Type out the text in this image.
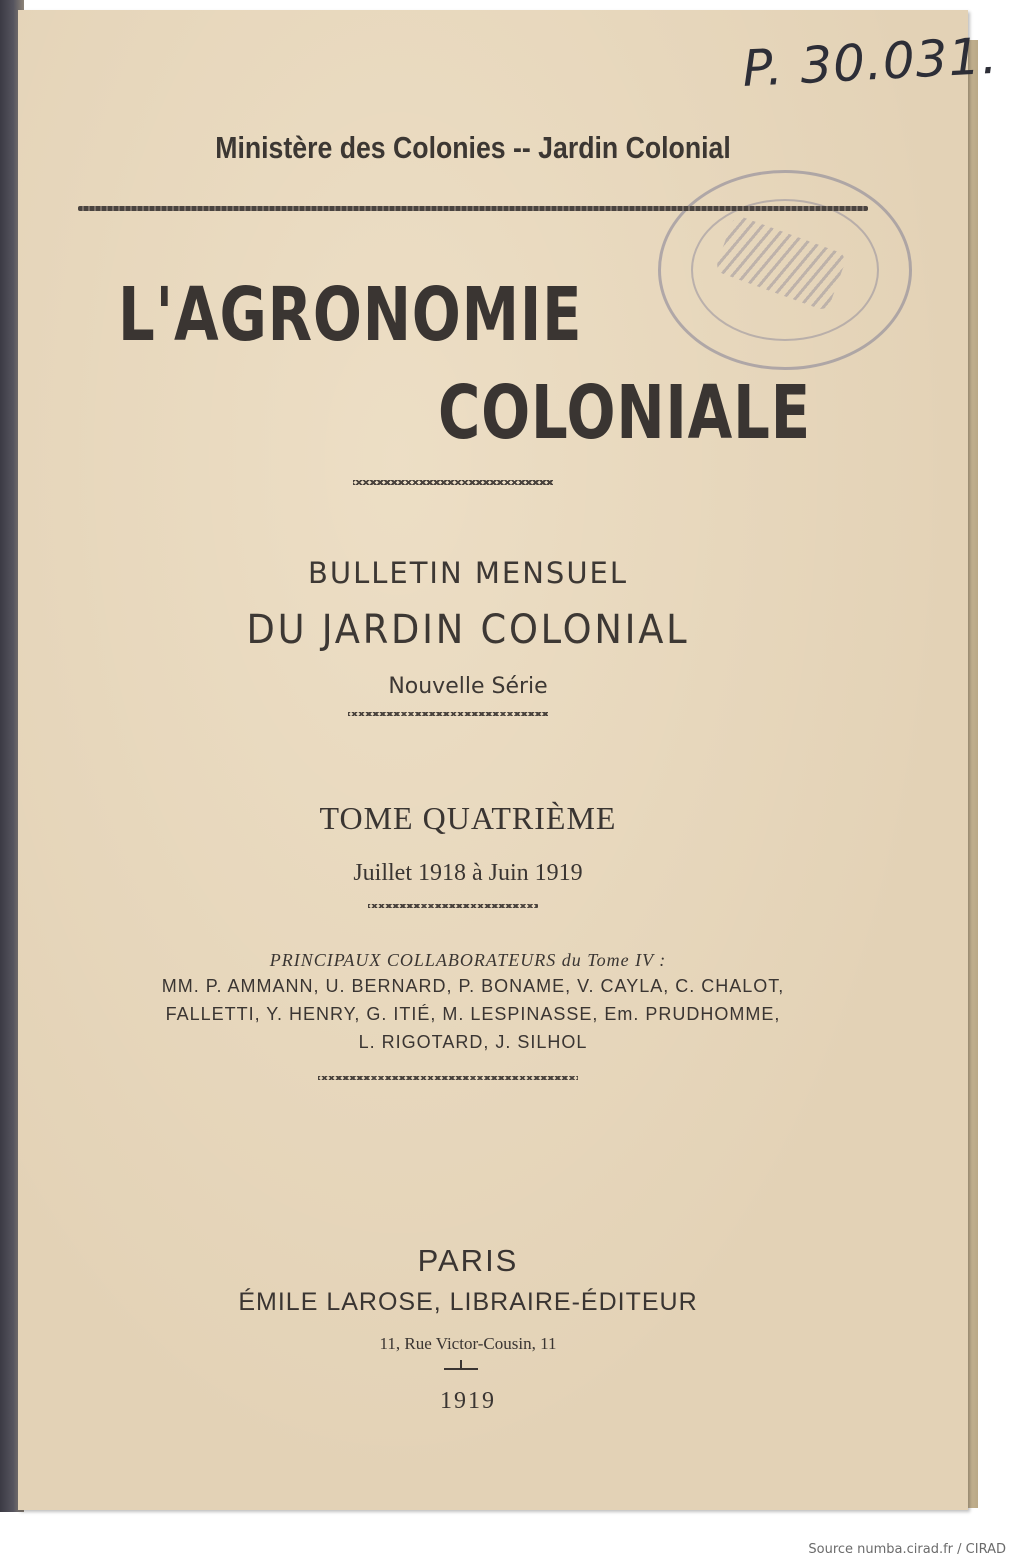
P. 30.031.
Ministère des Colonies -- Jardin Colonial
L'AGRONOMIE
COLONIALE
BULLETIN MENSUEL
DU JARDIN COLONIAL
Nouvelle Série
TOME QUATRIÈME
Juillet 1918 à Juin 1919
PRINCIPAUX COLLABORATEURS du Tome IV :
MM. P. AMMANN, U. BERNARD, P. BONAME, V. CAYLA, C. CHALOT,
FALLETTI, Y. HENRY, G. ITIÉ, M. LESPINASSE, Em. PRUDHOMME,
L. RIGOTARD, J. SILHOL
PARIS
ÉMILE LAROSE, LIBRAIRE-ÉDITEUR
11, Rue Victor-Cousin, 11
1919
Source numba.cirad.fr / CIRAD
